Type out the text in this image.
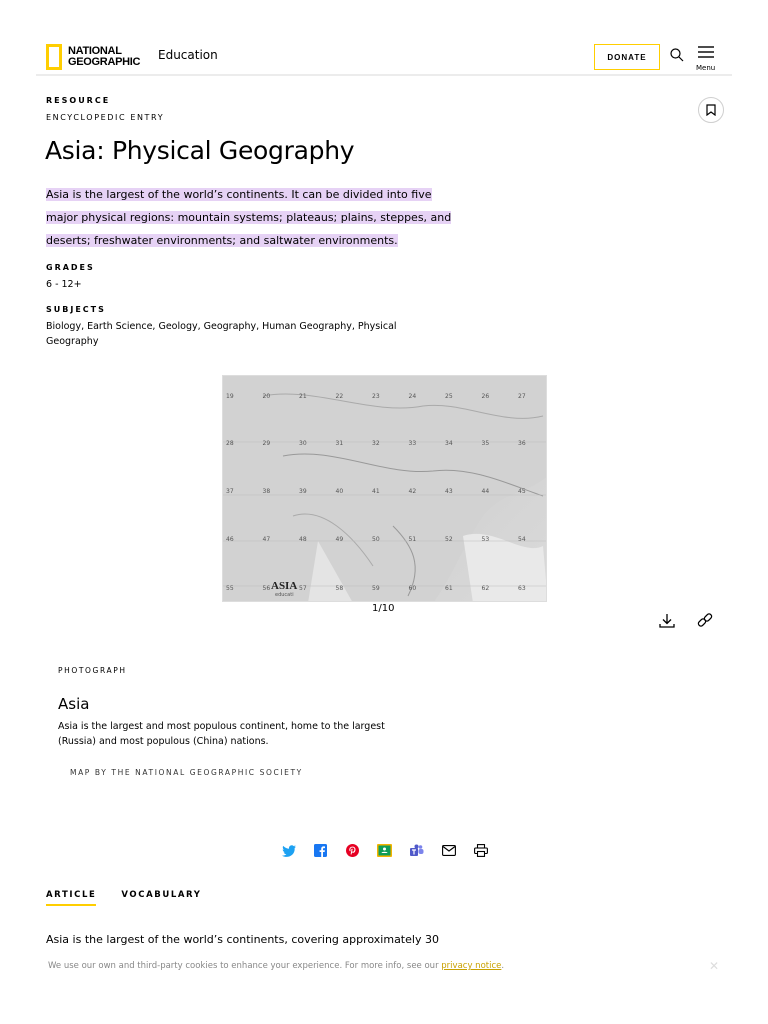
NATIONAL
GEOGRAPHIC Education	DONATE
Menu
RESOURCE
ENCYCLOPEDIC ENTRY
Asia: Physical Geography

Asia is the largest of the world’s continents. It can be divided into five major physical regions: mountain systems; plateaus; plains, steppes, and deserts; freshwater environments; and saltwater environments.

GRADES
6 - 12+
SUBJECTS
Biology, Earth Science, Geology, Geography, Human Geography, Physical Geography
ASIA
educati
19	20	21	22	23	24	25	26	27
28	29	30	31	32	33	34	35	36
37	38	39	40	41	42	43	44	45
46	47	48	49	50	51	52	53	54
55	56	57	58	59	60	61	62	63
1/10
PHOTOGRAPH
Asia
Asia is the largest and most populous continent, home to the largest (Russia) and most populous (China) nations.
MAP BY THE NATIONAL GEOGRAPHIC SOCIETY
ARTICLE	VOCABULARY
Asia is the largest of the world’s continents, covering approximately 30
We use our own and third-party cookies to enhance your experience. For more info, see our privacy notice.	✕
